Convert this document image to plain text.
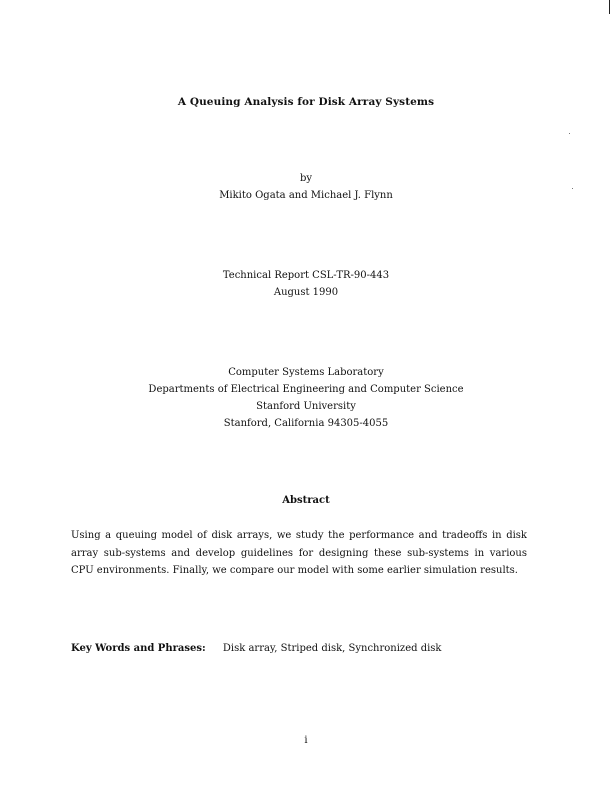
A Queuing Analysis for Disk Array Systems
by
Mikito Ogata and Michael J. Flynn
Technical Report CSL-TR-90-443
August 1990
Computer Systems Laboratory
Departments of Electrical Engineering and Computer Science
Stanford University
Stanford, California 94305-4055
Abstract
Using a queuing model of disk arrays, we study the performance and tradeoffs in disk array sub-systems and develop guidelines for designing these sub-systems in various CPU environments. Finally, we compare our model with some earlier simulation results.
Key Words and Phrases: Disk array, Striped disk, Synchronized disk
i
